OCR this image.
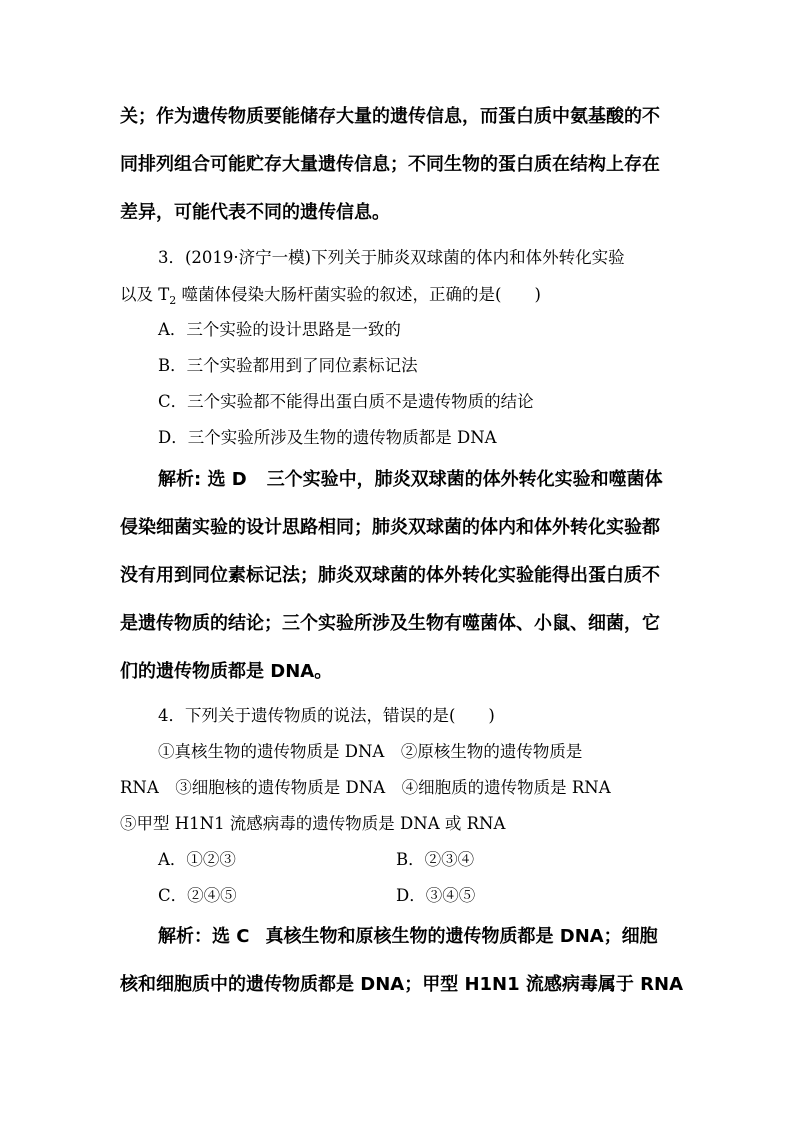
关；作为遗传物质要能储存大量的遗传信息，而蛋白质中氨基酸的不
同排列组合可能贮存大量遗传信息；不同生物的蛋白质在结构上存在
差异，可能代表不同的遗传信息。
3．(2019·济宁一模)下列关于肺炎双球菌的体内和体外转化实验
以及 $T_2$ 噬菌体侵染大肠杆菌实验的叙述，正确的是(　　)
A．三个实验的设计思路是一致的
B．三个实验都用到了同位素标记法
C．三个实验都不能得出蛋白质不是遗传物质的结论
D．三个实验所涉及生物的遗传物质都是 DNA
解析: 选 D 三个实验中，肺炎双球菌的体外转化实验和噬菌体
侵染细菌实验的设计思路相同；肺炎双球菌的体内和体外转化实验都
没有用到同位素标记法；肺炎双球菌的体外转化实验能得出蛋白质不
是遗传物质的结论；三个实验所涉及生物有噬菌体、小鼠、细菌，它
们的遗传物质都是 DNA。
4．下列关于遗传物质的说法，错误的是(　　)
①真核生物的遗传物质是 DNA　②原核生物的遗传物质是
RNA　③细胞核的遗传物质是 DNA　④细胞质的遗传物质是 RNA
⑤甲型 H1N1 流感病毒的遗传物质是 DNA 或 RNA
A．①②③	B．②③④
C．②④⑤	D．③④⑤
解析：选 C 真核生物和原核生物的遗传物质都是 DNA；细胞
核和细胞质中的遗传物质都是 DNA；甲型 H1N1 流感病毒属于 RNA
